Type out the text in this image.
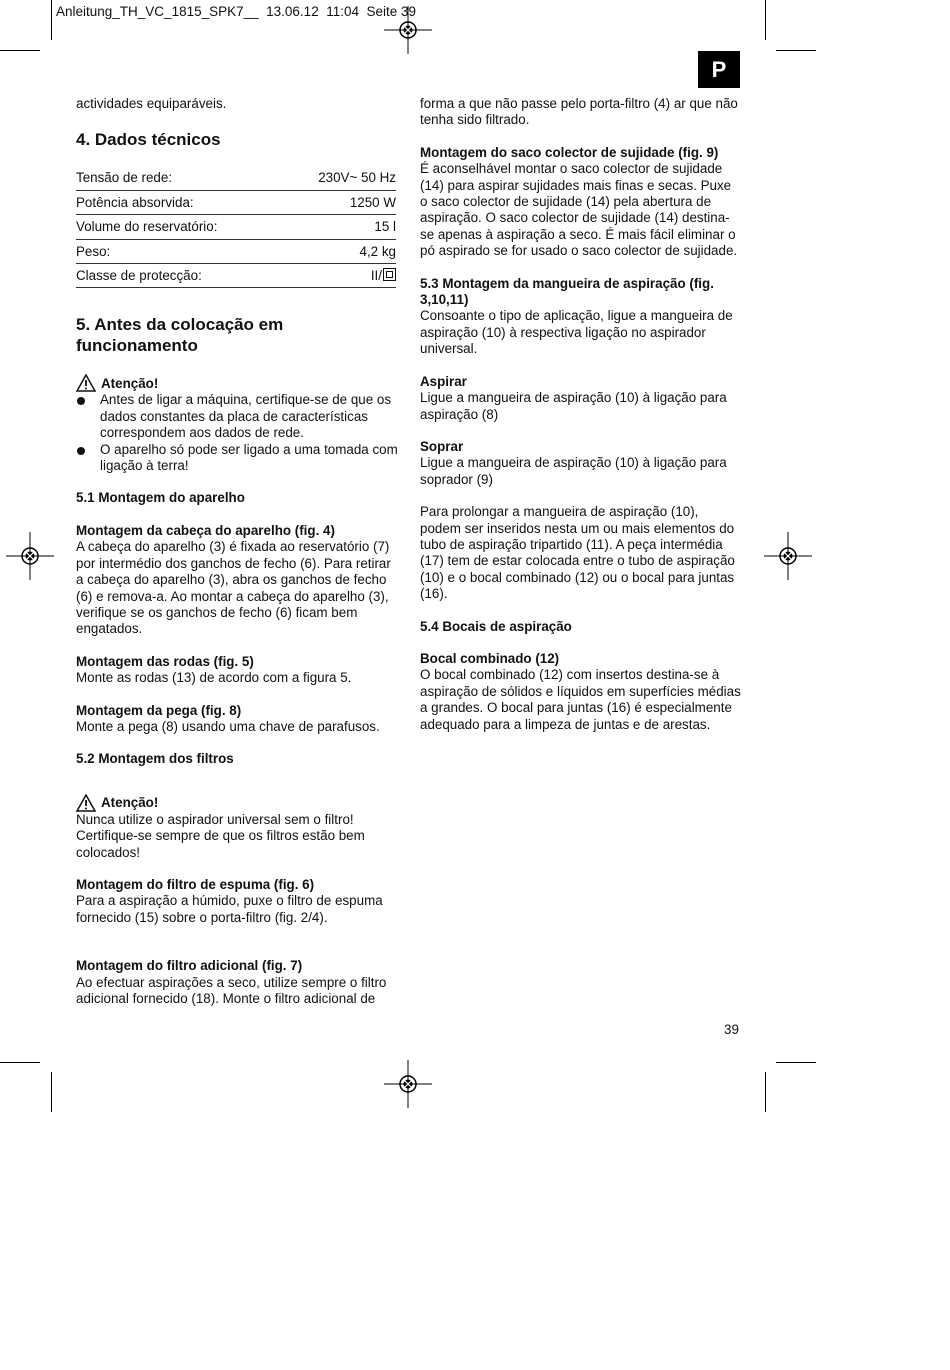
Anleitung_TH_VC_1815_SPK7__  13.06.12  11:04  Seite 39
P

actividades equiparáveis.

4. Dados técnicos
Tensão de rede:	230V~ 50 Hz
Potência absorvida:	1250 W
Volume do reservatório:	15 l
Peso:	4,2 kg
Classe de protecção:	II/
5. Antes da colocação em funcionamento
Atenção!
Antes de ligar a máquina, certifique-se de que os dados constantes da placa de características correspondem aos dados de rede.
O aparelho só pode ser ligado a uma tomada com ligação à terra!

5.1 Montagem do aparelho

Montagem da cabeça do aparelho (fig. 4)

A cabeça do aparelho (3) é fixada ao reservatório (7) por intermédio dos ganchos de fecho (6). Para retirar a cabeça do aparelho (3), abra os ganchos de fecho (6) e remova-a. Ao montar a cabeça do aparelho (3), verifique se os ganchos de fecho (6) ficam bem engatados.

Montagem das rodas (fig. 5)

Monte as rodas (13) de acordo com a figura 5.

Montagem da pega (fig. 8)

Monte a pega (8) usando uma chave de parafusos.

5.2 Montagem dos filtros

Atenção!

Nunca utilize o aspirador universal sem o filtro! Certifique-se sempre de que os filtros estão bem colocados!

Montagem do filtro de espuma (fig. 6)

Para a aspiração a húmido, puxe o filtro de espuma fornecido (15) sobre o porta-filtro (fig. 2/4).

Montagem do filtro adicional (fig. 7)

Ao efectuar aspirações a seco, utilize sempre o filtro adicional fornecido (18). Monte o filtro adicional de

forma a que não passe pelo porta-filtro (4) ar que não tenha sido filtrado.

Montagem do saco colector de sujidade (fig. 9)

É aconselhável montar o saco colector de sujidade (14) para aspirar sujidades mais finas e secas. Puxe o saco colector de sujidade (14) pela abertura de aspiração. O saco colector de sujidade (14) destina-se apenas à aspiração a seco. É mais fácil eliminar o pó aspirado se for usado o saco colector de sujidade.

5.3 Montagem da mangueira de aspiração (fig. 3,10,11)

Consoante o tipo de aplicação, ligue a mangueira de aspiração (10) à respectiva ligação no aspirador universal.

Aspirar

Ligue a mangueira de aspiração (10) à ligação para aspiração (8)

Soprar

Ligue a mangueira de aspiração (10) à ligação para soprador (9)

Para prolongar a mangueira de aspiração (10), podem ser inseridos nesta um ou mais elementos do tubo de aspiração tripartido (11). A peça intermédia (17) tem de estar colocada entre o tubo de aspiração (10) e o bocal combinado (12) ou o bocal para juntas (16).

5.4 Bocais de aspiração

Bocal combinado (12)

O bocal combinado (12) com insertos destina-se à aspiração de sólidos e líquidos em superfícies médias a grandes. O bocal para juntas (16) é especialmente adequado para a limpeza de juntas e de arestas.

39
